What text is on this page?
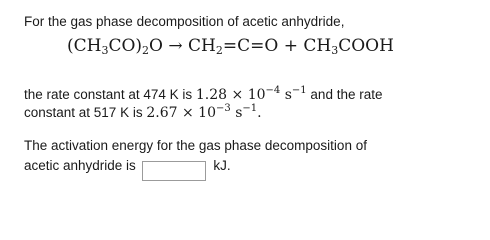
For the gas phase decomposition of acetic anhydride,
$(CH_3CO)_2O \to CH_2=C=O$ + $CH_3COOH$
the rate constant at 474 K is $1.28 \times 10^{-4}$ $s^{-1}$ and the rate
constant at 517 K is $2.67 \times 10^{-3}$ $s^{-1}$.
The activation energy for the gas phase decomposition of
acetic anhydride is	kJ.
